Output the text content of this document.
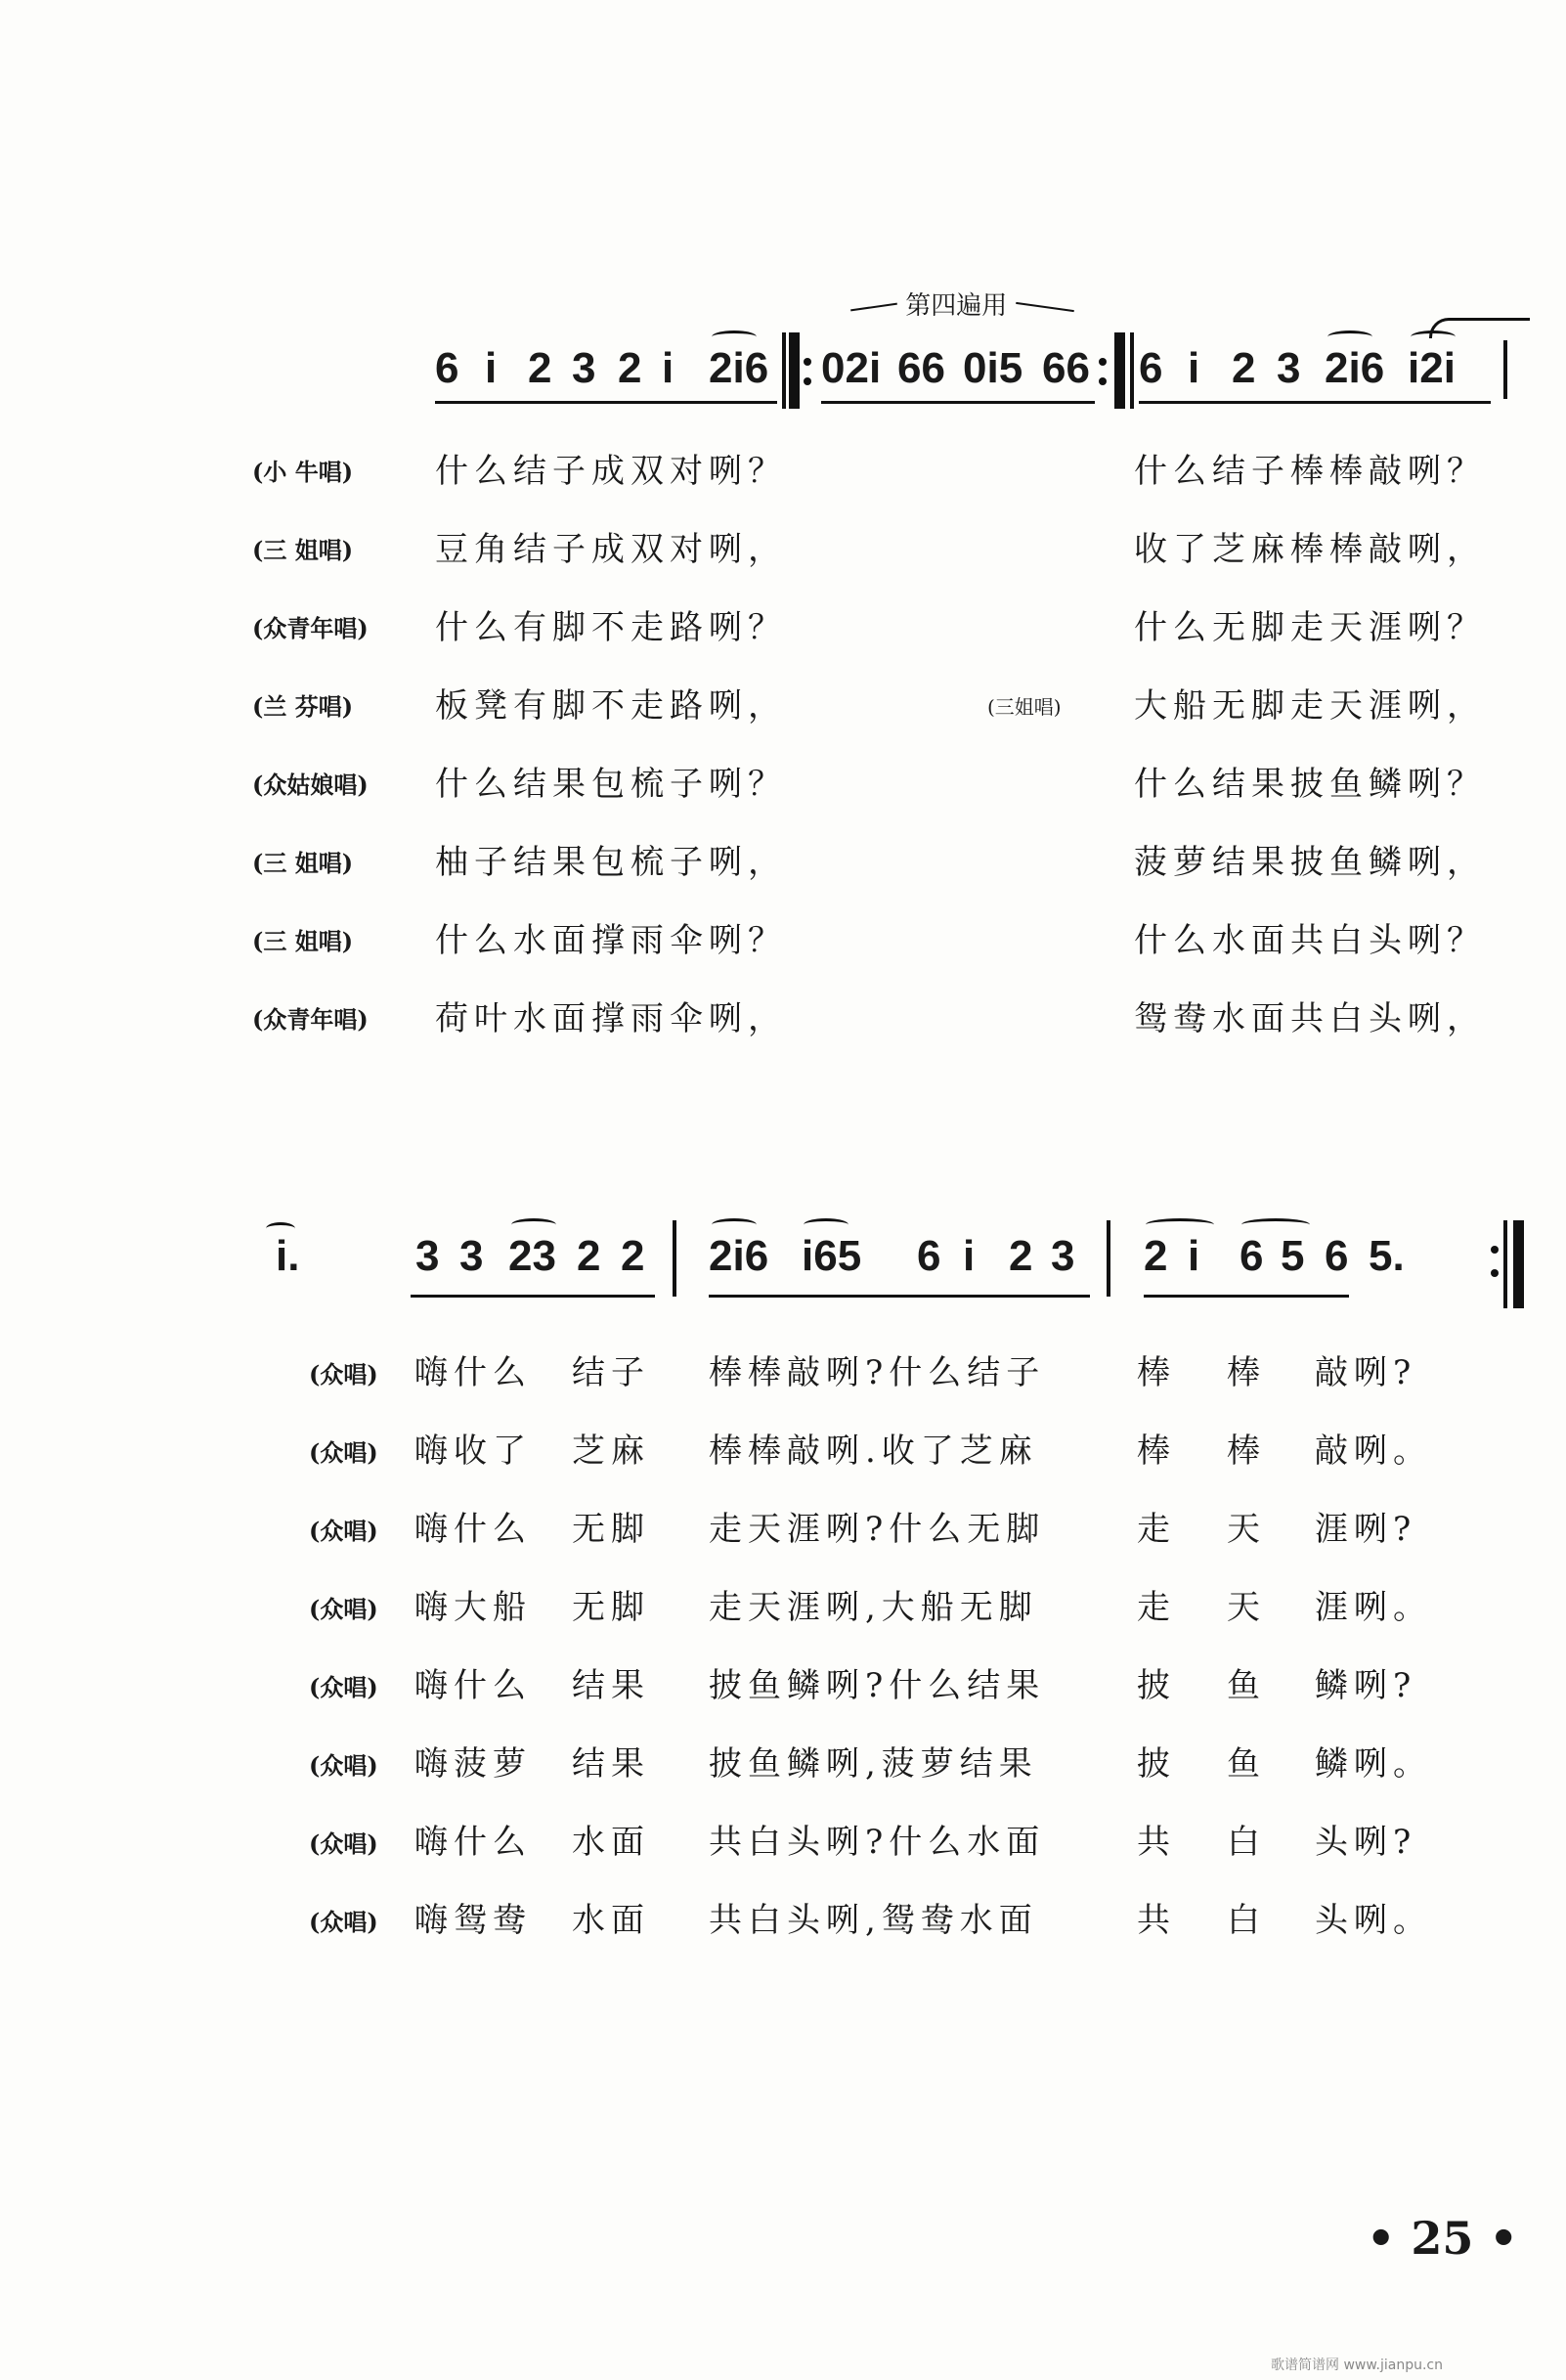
第四遍用
6 i 2 3 2 i 2i6 02i 66 0i5 66 6 i 2 3 2i6 i2i
(小 牛唱) 什么结子成双对咧？	什么结子棒棒敲咧？
(三 姐唱) 豆角结子成双对咧，	收了芝麻棒棒敲咧，
(众青年唱) 什么有脚不走路咧？	什么无脚走天涯咧？
(兰 芬唱) 板凳有脚不走路咧，	(三姐唱) 大船无脚走天涯咧，
(众姑娘唱) 什么结果包梳子咧？	什么结果披鱼鳞咧？
(三 姐唱) 柚子结果包梳子咧，	菠萝结果披鱼鳞咧，
(三 姐唱) 什么水面撑雨伞咧？	什么水面共白头咧？
(众青年唱) 荷叶水面撑雨伞咧，	鸳鸯水面共白头咧，
i.	3 3 23 2 2 2i6 i65 6 i 2 3 2 i 6 5 6 5.
(众唱) 嗨什么 结子 棒棒敲咧?什么结子	棒 棒 敲咧?
(众唱) 嗨收了 芝麻 棒棒敲咧.收了芝麻	棒 棒 敲咧。
(众唱) 嗨什么 无脚 走天涯咧?什么无脚	走 天 涯咧?
(众唱) 嗨大船 无脚 走天涯咧,大船无脚	走 天 涯咧。
(众唱) 嗨什么 结果 披鱼鳞咧?什么结果	披 鱼 鳞咧?
(众唱) 嗨菠萝 结果 披鱼鳞咧,菠萝结果	披 鱼 鳞咧。
(众唱) 嗨什么 水面 共白头咧?什么水面	共 白 头咧?
(众唱) 嗨鸳鸯 水面 共白头咧,鸳鸯水面	共 白 头咧。
• 25 •
歌谱简谱网 www.jianpu.cn
